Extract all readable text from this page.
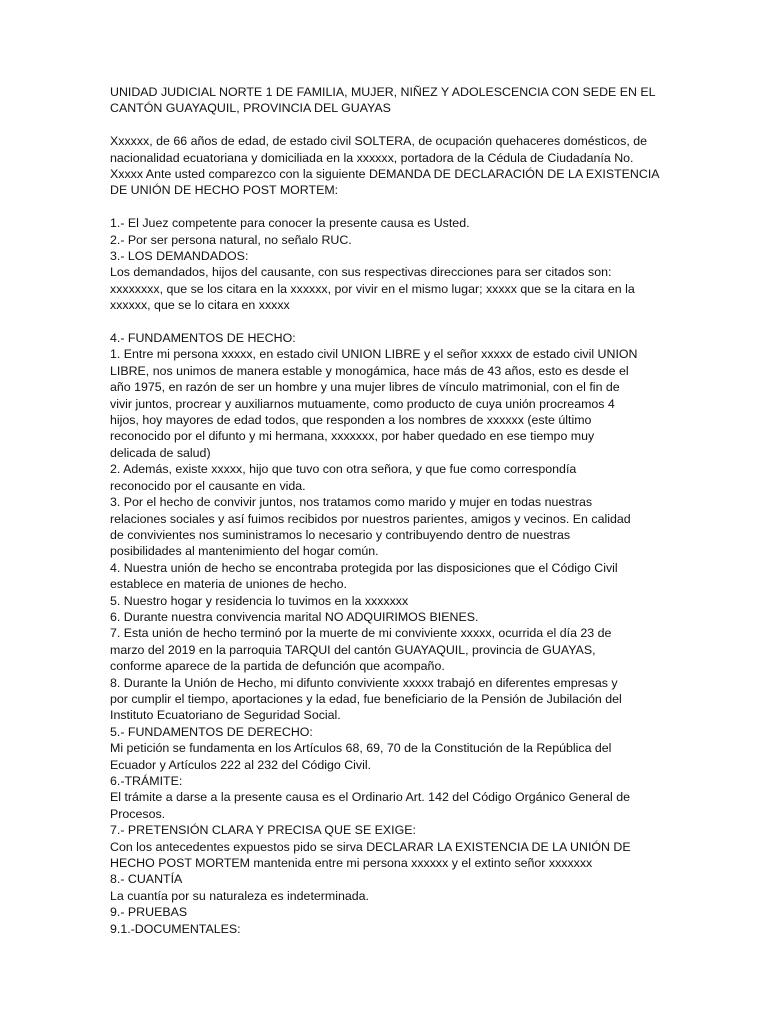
UNIDAD JUDICIAL NORTE 1 DE FAMILIA, MUJER, NIÑEZ Y ADOLESCENCIA CON SEDE EN EL
CANTÓN GUAYAQUIL, PROVINCIA DEL GUAYAS
Xxxxxx, de 66 años de edad, de estado civil SOLTERA, de ocupación quehaceres domésticos, de
nacionalidad ecuatoriana y domiciliada en la xxxxxx, portadora de la Cédula de Ciudadanía No.
Xxxxx Ante usted comparezco con la siguiente DEMANDA DE DECLARACIÓN DE LA EXISTENCIA
DE UNIÓN DE HECHO POST MORTEM:
1.- El Juez competente para conocer la presente causa es Usted.
2.- Por ser persona natural, no señalo RUC.
3.- LOS DEMANDADOS:
Los demandados, hijos del causante, con sus respectivas direcciones para ser citados son:
xxxxxxxx, que se los citara en la xxxxxx, por vivir en el mismo lugar; xxxxx que se la citara en la
xxxxxx, que se lo citara en xxxxx
4.- FUNDAMENTOS DE HECHO:
1. Entre mi persona xxxxx, en estado civil UNION LIBRE y el señor xxxxx de estado civil UNION
LIBRE, nos unimos de manera estable y monogámica, hace más de 43 años, esto es desde el
año 1975, en razón de ser un hombre y una mujer libres de vínculo matrimonial, con el fin de
vivir juntos, procrear y auxiliarnos mutuamente, como producto de cuya unión procreamos 4
hijos, hoy mayores de edad todos, que responden a los nombres de xxxxxx (este último
reconocido por el difunto y mi hermana, xxxxxxx, por haber quedado en ese tiempo muy
delicada de salud)
2. Además, existe xxxxx, hijo que tuvo con otra señora, y que fue como correspondía
reconocido por el causante en vida.
3. Por el hecho de convivir juntos, nos tratamos como marido y mujer en todas nuestras
relaciones sociales y así fuimos recibidos por nuestros parientes, amigos y vecinos. En calidad
de convivientes nos suministramos lo necesario y contribuyendo dentro de nuestras
posibilidades al mantenimiento del hogar común.
4. Nuestra unión de hecho se encontraba protegida por las disposiciones que el Código Civil
establece en materia de uniones de hecho.
5. Nuestro hogar y residencia lo tuvimos en la xxxxxxx
6. Durante nuestra convivencia marital NO ADQUIRIMOS BIENES.
7. Esta unión de hecho terminó por la muerte de mi conviviente xxxxx, ocurrida el día 23 de
marzo del 2019 en la parroquia TARQUI del cantón GUAYAQUIL, provincia de GUAYAS,
conforme aparece de la partida de defunción que acompaño.
8. Durante la Unión de Hecho, mi difunto conviviente xxxxx trabajó en diferentes empresas y
por cumplir el tiempo, aportaciones y la edad, fue beneficiario de la Pensión de Jubilación del
Instituto Ecuatoriano de Seguridad Social.
5.- FUNDAMENTOS DE DERECHO:
Mi petición se fundamenta en los Artículos 68, 69, 70 de la Constitución de la República del
Ecuador y Artículos 222 al 232 del Código Civil.
6.-TRÁMITE:
El trámite a darse a la presente causa es el Ordinario Art. 142 del Código Orgánico General de
Procesos.
7.- PRETENSIÓN CLARA Y PRECISA QUE SE EXIGE:
Con los antecedentes expuestos pido se sirva DECLARAR LA EXISTENCIA DE LA UNIÓN DE
HECHO POST MORTEM mantenida entre mi persona xxxxxx y el extinto señor xxxxxxx
8.- CUANTÍA
La cuantía por su naturaleza es indeterminada.
9.- PRUEBAS
9.1.-DOCUMENTALES:
